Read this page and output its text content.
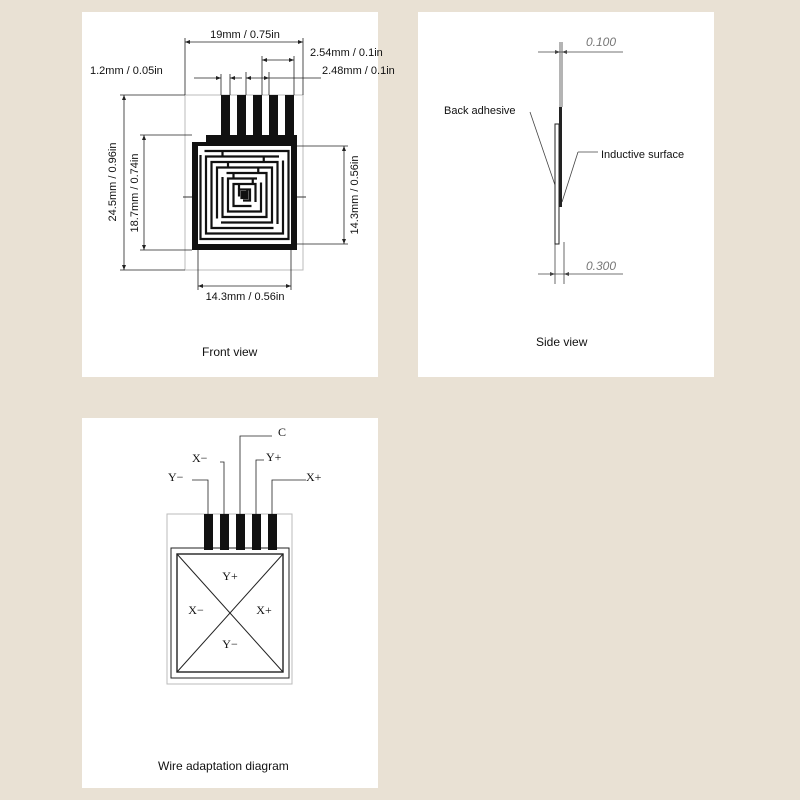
19mm / 0.75in
2.54mm / 0.1in
2.48mm / 0.1in
1.2mm / 0.05in
24.5mm / 0.96in 18.7mm / 0.74in	14.3mm / 0.56in
14.3mm / 0.56in
Front view
0.100
0.300
Back adhesive
Inductive surface
Side view
Y−
X−
C
Y+
X+
Y+
X−	X+
Y−
Wire adaptation diagram
